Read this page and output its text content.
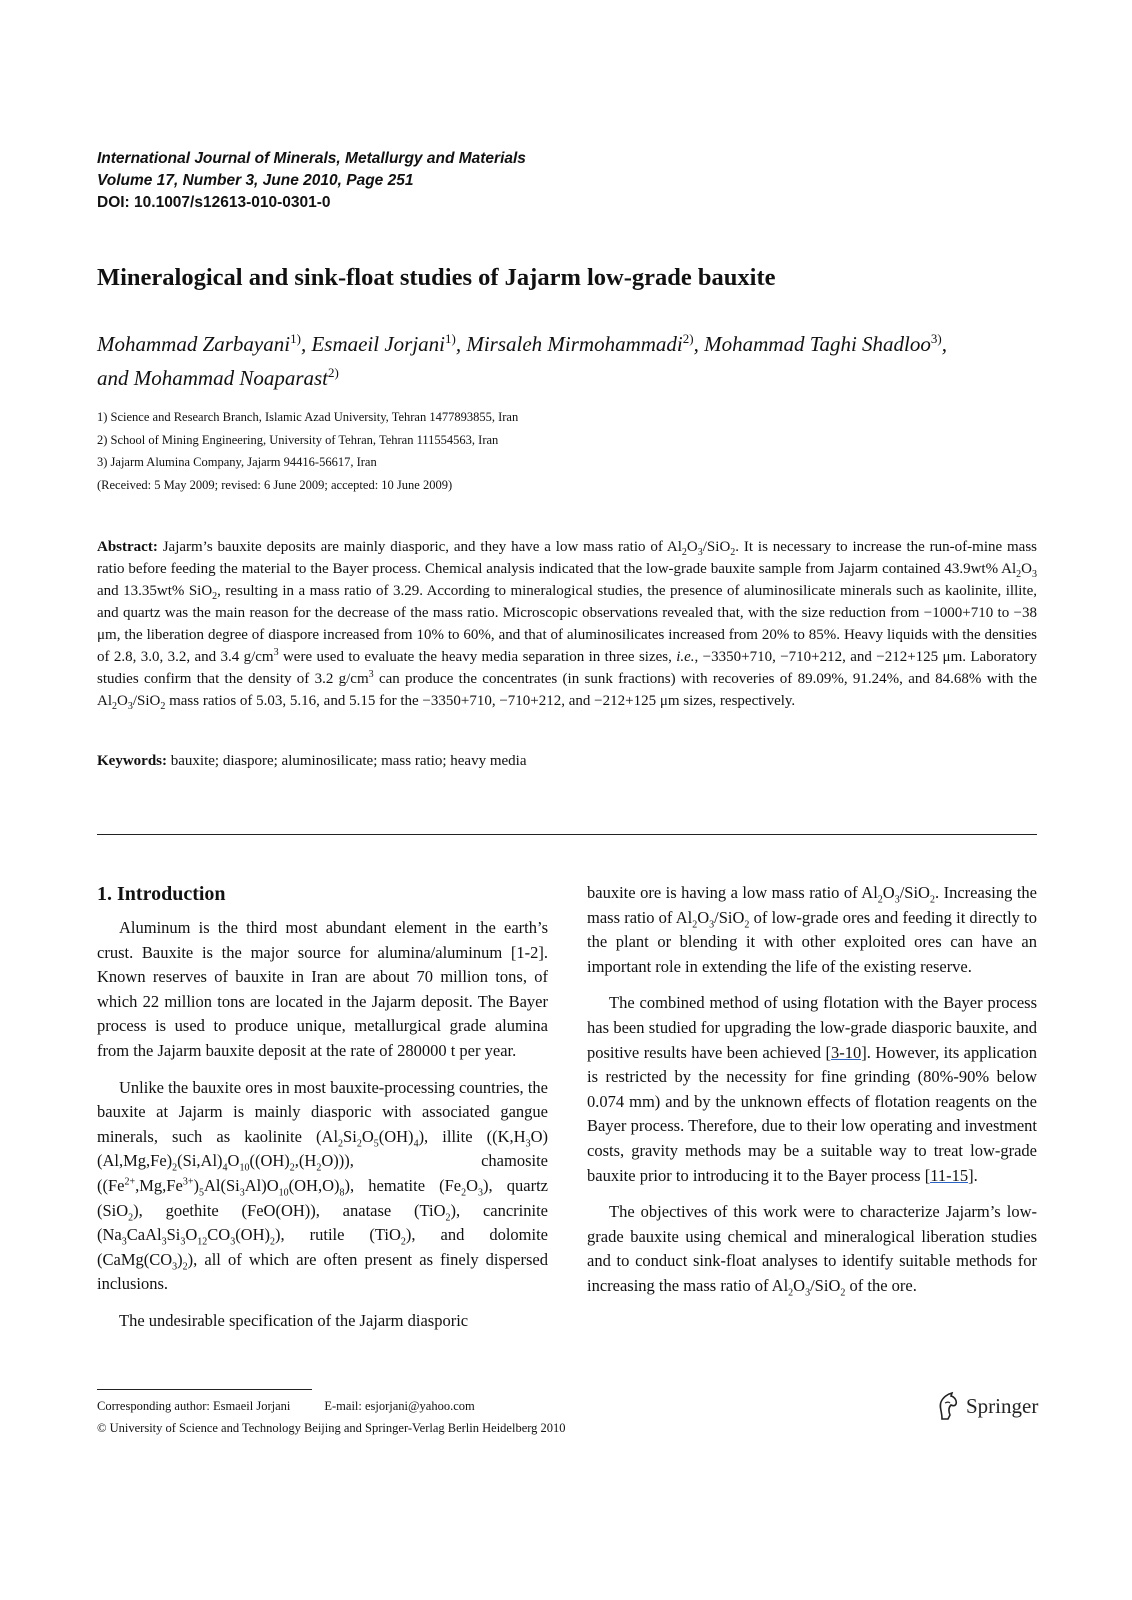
International Journal of Minerals, Metallurgy and Materials
Volume 17, Number 3, June 2010, Page 251
DOI: 10.1007/s12613-010-0301-0
Mineralogical and sink-float studies of Jajarm low-grade bauxite
Mohammad Zarbayani$^{1)}$, Esmaeil Jorjani$^{1)}$, Mirsaleh Mirmohammadi$^{2)}$, Mohammad Taghi Shadloo$^{3)}$,
and Mohammad Noaparast$^{2)}$
1) Science and Research Branch, Islamic Azad University, Tehran 1477893855, Iran
2) School of Mining Engineering, University of Tehran, Tehran 111554563, Iran
3) Jajarm Alumina Company, Jajarm 94416-56617, Iran
(Received: 5 May 2009; revised: 6 June 2009; accepted: 10 June 2009)
Abstract: Jajarm’s bauxite deposits are mainly diasporic, and they have a low mass ratio of $Al_2O_3/SiO_2$. It is necessary to increase the run-of-mine mass ratio before feeding the material to the Bayer process. Chemical analysis indicated that the low-grade bauxite sample from Jajarm contained 43.9wt% $Al_2O_3$ and 13.35wt% SiO$_2$, resulting in a mass ratio of 3.29. According to mineralogical studies, the presence of aluminosilicate minerals such as kaolinite, illite, and quartz was the main reason for the decrease of the mass ratio. Microscopic observations revealed that, with the size reduction from −1000+710 to −38 μm, the liberation degree of diaspore increased from 10% to 60%, and that of aluminosilicates increased from 20% to 85%. Heavy liquids with the densities of 2.8, 3.0, 3.2, and 3.4 $g/cm^3$ were used to evaluate the heavy media separation in three sizes, i.e., −3350+710, −710+212, and −212+125 μm. Laboratory studies confirm that the density of 3.2 $g/cm^3$ can produce the concentrates (in sunk fractions) with recoveries of 89.09%, 91.24%, and 84.68% with the $Al_2O_3/SiO_2$ mass ratios of 5.03, 5.16, and 5.15 for the −3350+710, −710+212, and −212+125 μm sizes, respectively.
Keywords: bauxite; diaspore; aluminosilicate; mass ratio; heavy media
1. Introduction

Aluminum is the third most abundant element in the earth’s crust. Bauxite is the major source for alumina/aluminum [1-2]. Known reserves of bauxite in Iran are about 70 million tons, of which 22 million tons are located in the Jajarm deposit. The Bayer process is used to produce unique, metallurgical grade alumina from the Jajarm bauxite deposit at the rate of 280000 t per year.

Unlike the bauxite ores in most bauxite-processing countries, the bauxite at Jajarm is mainly diasporic with associated gangue minerals, such as kaolinite $(Al_2Si_2O_5(OH)_4)$, illite $((K,H_3O)(Al,Mg,Fe)_2(Si,Al)_4O_{10}((OH)_2,(H_2O)))$, chamosite $((Fe^{2+},Mg,Fe^{3+})_5Al(Si_3Al)O_{10}(OH,O)_8)$, hematite $(Fe_2O_3)$, quartz (SiO$_2$), goethite (FeO(OH)), anatase (TiO$_2$), cancrinite $(Na_3CaAl_3Si_3O_{12}CO_3(OH)_2)$, rutile (TiO$_2$), and dolomite $(CaMg(CO_3)_2)$, all of which are often present as finely dispersed inclusions.

The undesirable specification of the Jajarm diasporic

bauxite ore is having a low mass ratio of $Al_2O_3/SiO_2$. Increasing the mass ratio of $Al_2O_3/SiO_2$ of low-grade ores and feeding it directly to the plant or blending it with other exploited ores can have an important role in extending the life of the existing reserve.

The combined method of using flotation with the Bayer process has been studied for upgrading the low-grade diasporic bauxite, and positive results have been achieved [3-10]. However, its application is restricted by the necessity for fine grinding (80%-90% below 0.074 mm) and by the unknown effects of flotation reagents on the Bayer process. Therefore, due to their low operating and investment costs, gravity methods may be a suitable way to treat low-grade bauxite prior to introducing it to the Bayer process [11-15].

The objectives of this work were to characterize Jajarm’s low-grade bauxite using chemical and mineralogical liberation studies and to conduct sink-float analyses to identify suitable methods for increasing the mass ratio of $Al_2O_3/SiO_2$ of the ore.

Corresponding author: Esmaeil Jorjani	E-mail: esjorjani@yahoo.com
© University of Science and Technology Beijing and Springer-Verlag Berlin Heidelberg 2010
Springer
